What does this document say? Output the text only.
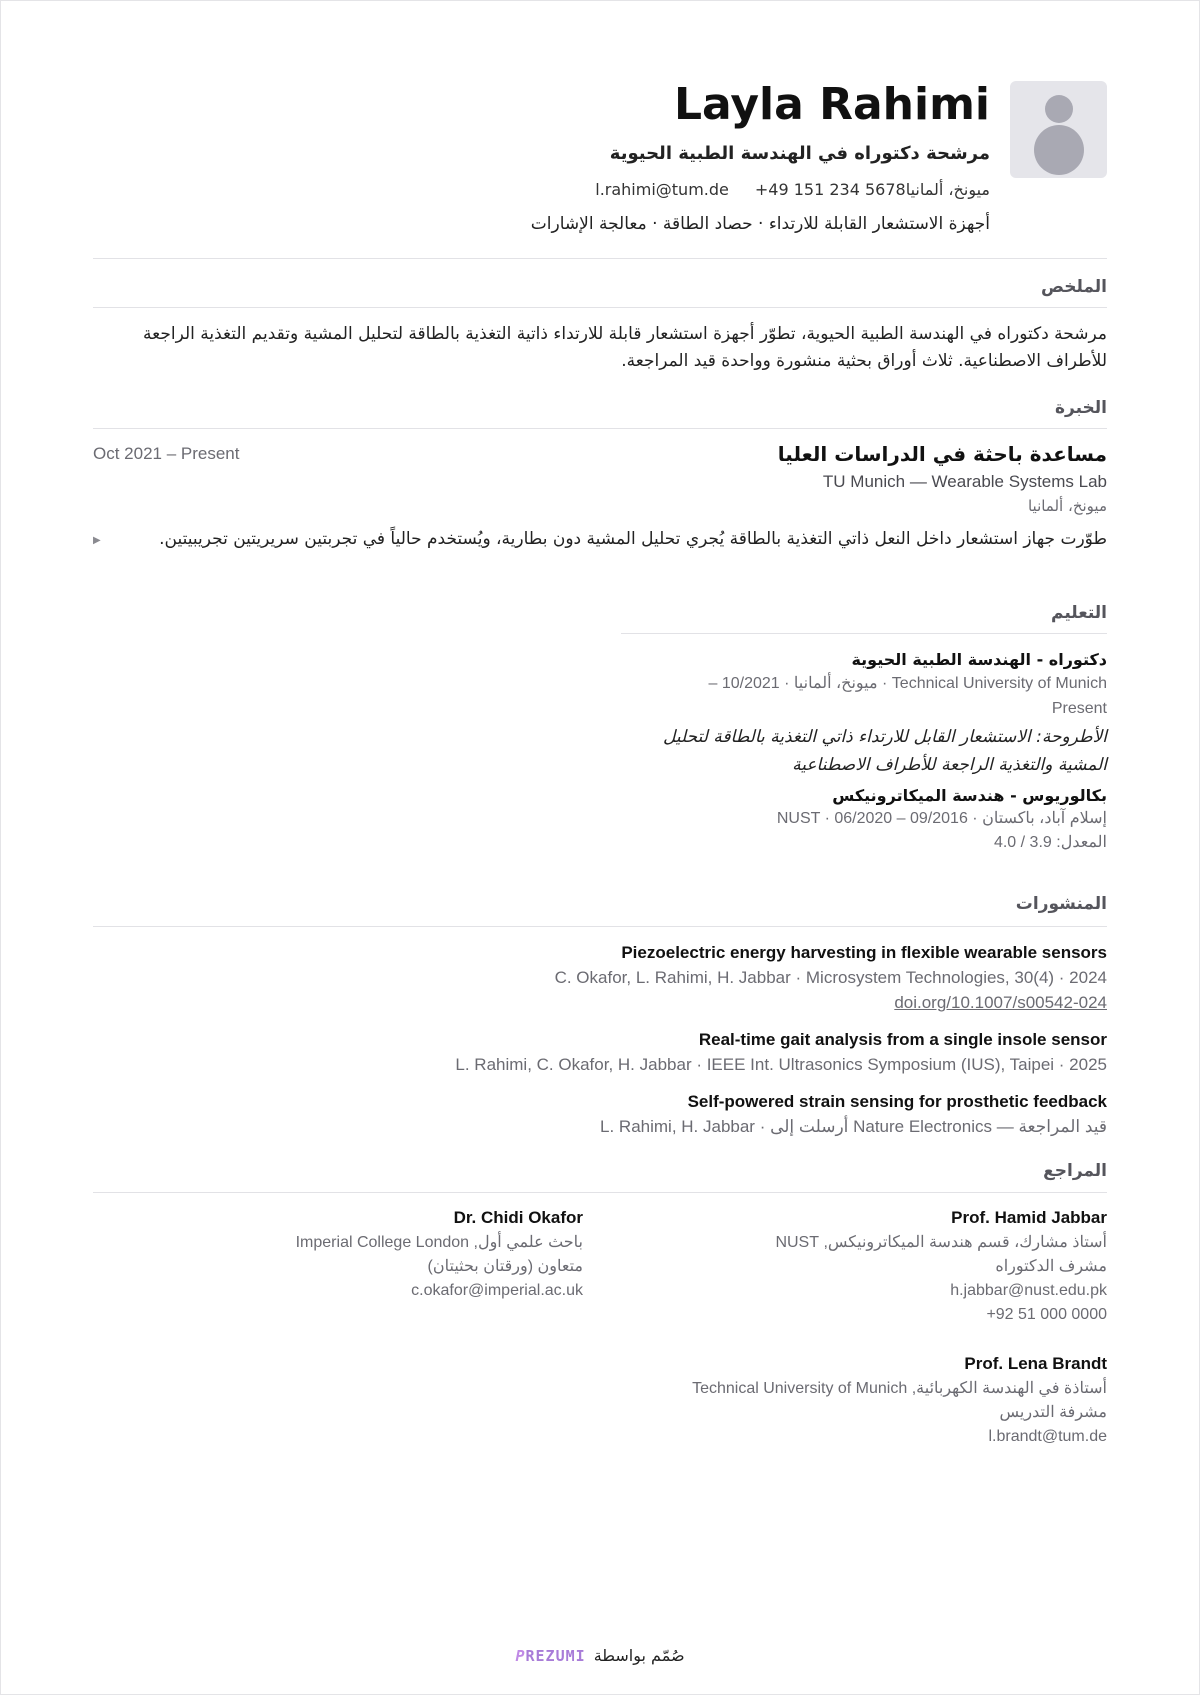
Layla Rahimi
مرشحة دكتوراه في الهندسة الطبية الحيوية
ميونخ، ألمانيا+49 151 234 5678l.rahimi@tum.de
أجهزة الاستشعار القابلة للارتداء · حصاد الطاقة · معالجة الإشارات
الملخص
مرشحة دكتوراه في الهندسة الطبية الحيوية، تطوّر أجهزة استشعار قابلة للارتداء ذاتية التغذية بالطاقة لتحليل المشية وتقديم التغذية الراجعة للأطراف الاصطناعية. ثلاث أوراق بحثية منشورة وواحدة قيد المراجعة.
الخبرة
مساعدة باحثة في الدراسات العليا
Oct 2021 – Present
TU Munich — Wearable Systems Lab
ميونخ، ألمانيا
▶	طوّرت جهاز استشعار داخل النعل ذاتي التغذية بالطاقة يُجري تحليل المشية دون بطارية، ويُستخدم حالياً في تجربتين سريريتين تجريبيتين.
التعليم
دكتوراه - الهندسة الطبية الحيوية
Technical University of Munich · ميونخ، ألمانيا · 10/2021 –
Present
الأطروحة: الاستشعار القابل للارتداء ذاتي التغذية بالطاقة لتحليل المشية والتغذية الراجعة للأطراف الاصطناعية
بكالوريوس - هندسة الميكاترونيكس
NUST · إسلام آباد، باكستان · 09/2016 – 06/2020
المعدل: 3.9 / 4.0
المنشورات
Piezoelectric energy harvesting in flexible wearable sensors
C. Okafor, L. Rahimi, H. Jabbar · Microsystem Technologies, 30(4) · 2024
doi.org/10.1007/s00542-024
Real-time gait analysis from a single insole sensor
L. Rahimi, C. Okafor, H. Jabbar · IEEE Int. Ultrasonics Symposium (IUS), Taipei · 2025
Self-powered strain sensing for prosthetic feedback
L. Rahimi, H. Jabbar · أرسلت إلى Nature Electronics — قيد المراجعة
المراجع
Prof. Hamid Jabbar
أستاذ مشارك، قسم هندسة الميكاترونيكس, NUST
مشرف الدكتوراه
h.jabbar@nust.edu.pk
+92 51 000 0000
Dr. Chidi Okafor
باحث علمي أول, Imperial College London
متعاون (ورقتان بحثيتان)
c.okafor@imperial.ac.uk
Prof. Lena Brandt
أستاذة في الهندسة الكهربائية, Technical University of Munich
مشرفة التدريس
l.brandt@tum.de
PREZUMI صُمّم بواسطة
